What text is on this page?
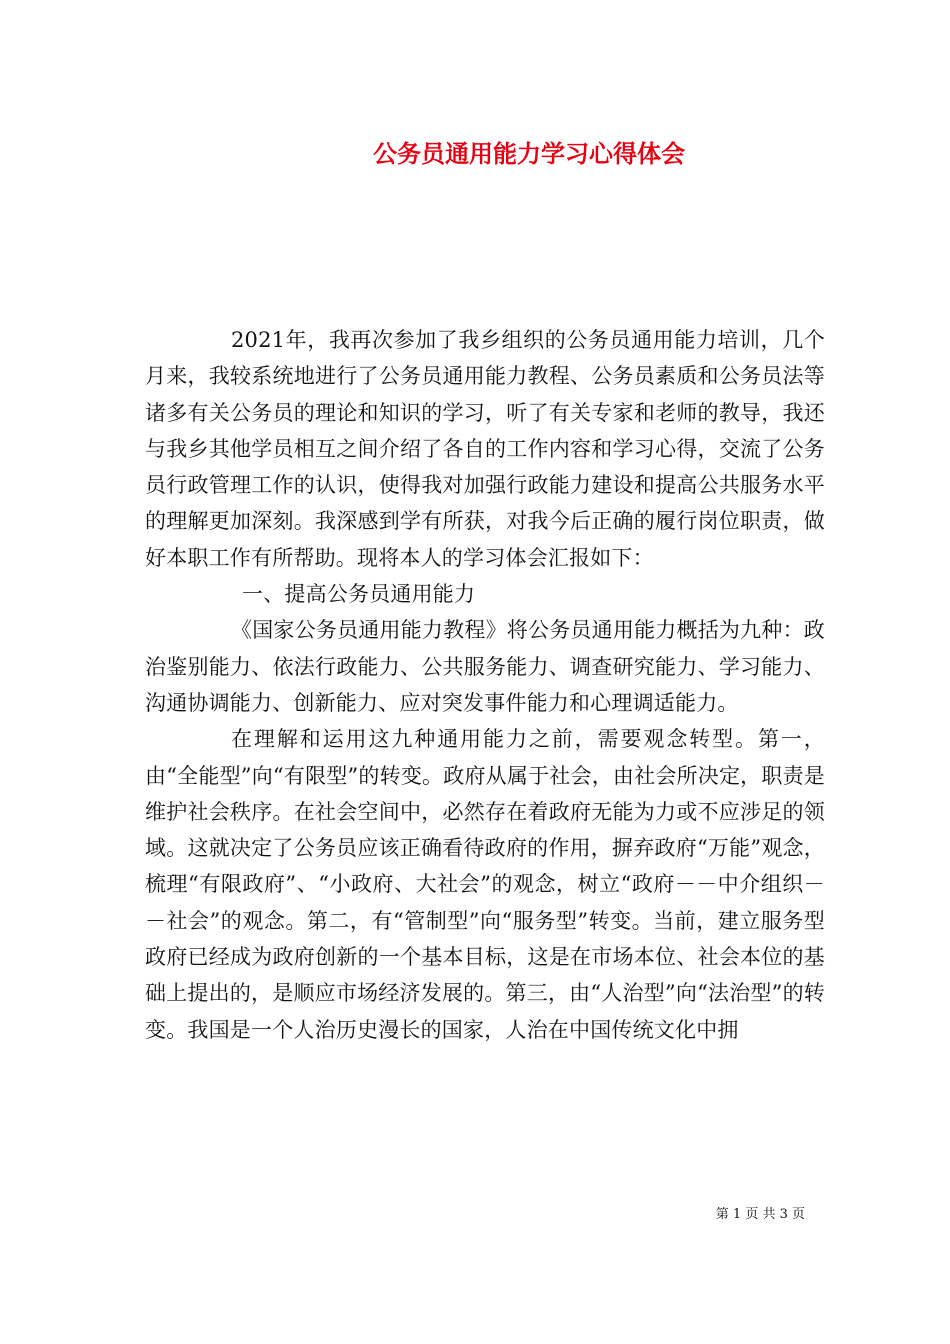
公务员通用能力学习心得体会

2021年，我再次参加了我乡组织的公务员通用能力培训，几个月来，我较系统地进行了公务员通用能力教程、公务员素质和公务员法等诸多有关公务员的理论和知识的学习，听了有关专家和老师的教导，我还与我乡其他学员相互之间介绍了各自的工作内容和学习心得，交流了公务员行政管理工作的认识，使得我对加强行政能力建设和提高公共服务水平的理解更加深刻。我深感到学有所获，对我今后正确的履行岗位职责，做好本职工作有所帮助。现将本人的学习体会汇报如下：

一、提高公务员通用能力

《国家公务员通用能力教程》将公务员通用能力概括为九种：政治鉴别能力、依法行政能力、公共服务能力、调查研究能力、学习能力、沟通协调能力、创新能力、应对突发事件能力和心理调适能力。

在理解和运用这九种通用能力之前，需要观念转型。第一，由“全能型”向“有限型”的转变。政府从属于社会，由社会所决定，职责是维护社会秩序。在社会空间中，必然存在着政府无能为力或不应涉足的领域。这就决定了公务员应该正确看待政府的作用，摒弃政府“万能”观念，梳理“有限政府”、“小政府、大社会”的观念，树立“政府－－中介组织－－社会”的观念。第二，有“管制型”向“服务型”转变。当前，建立服务型政府已经成为政府创新的一个基本目标，这是在市场本位、社会本位的基础上提出的，是顺应市场经济发展的。第三，由“人治型”向“法治型”的转变。我国是一个人治历史漫长的国家，人治在中国传统文化中拥

第 1 页 共 3 页
